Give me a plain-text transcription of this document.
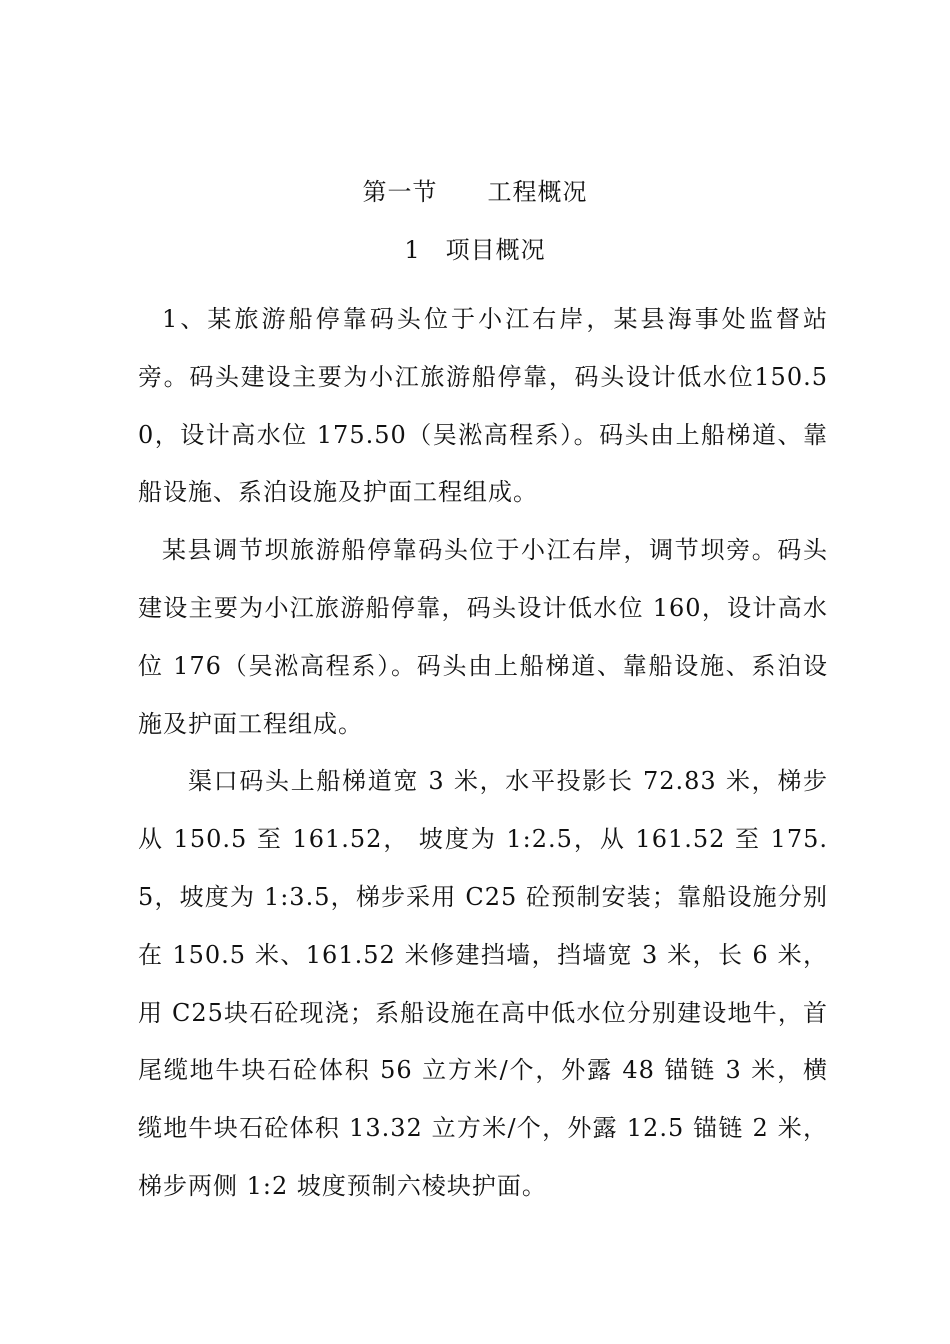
第一节　　工程概况
1　项目概况

1、某旅游船停靠码头位于小江右岸，某县海事处监督站旁。码头建设主要为小江旅游船停靠，码头设计低水位150.50，设计高水位 175.50（吴淞高程系）。码头由上船梯道、靠船设施、系泊设施及护面工程组成。

某县调节坝旅游船停靠码头位于小江右岸，调节坝旁。码头建设主要为小江旅游船停靠，码头设计低水位 160，设计高水位 176（吴淞高程系）。码头由上船梯道、靠船设施、系泊设施及护面工程组成。

渠口码头上船梯道宽 3 米，水平投影长 72.83 米，梯步从 150.5 至 161.52， 坡度为 1:2.5，从 161.52 至 175.5，坡度为 1:3.5，梯步采用 C25 砼预制安装；靠船设施分别在 150.5 米、161.52 米修建挡墙，挡墙宽 3 米，长 6 米，用 C25块石砼现浇；系船设施在高中低水位分别建设地牛，首尾缆地牛块石砼体积 56 立方米/个，外露 48 锚链 3 米，横缆地牛块石砼体积 13.32 立方米/个，外露 12.5 锚链 2 米，梯步两侧 1:2 坡度预制六棱块护面。
